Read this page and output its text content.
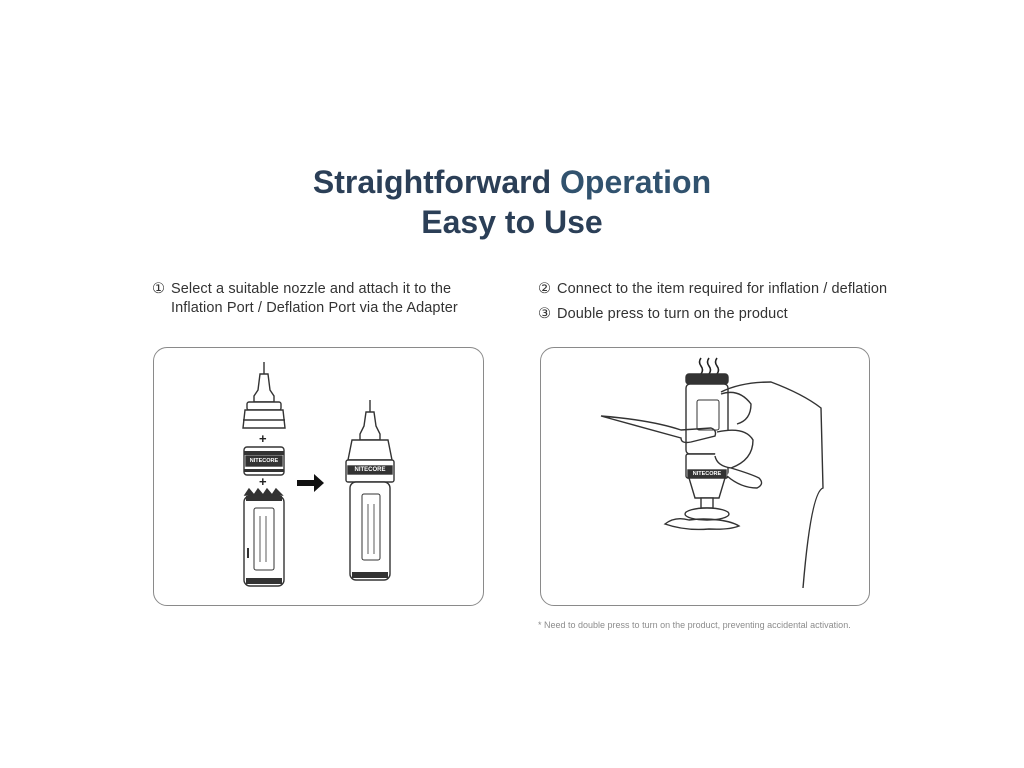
Straightforward Operation
Easy to Use
① Select a suitable nozzle and attach it to the
Inflation Port / Deflation Port via the Adapter
② Connect to the item required for inflation / deflation
③ Double press to turn on the product
+
+
NITECORE
NITECORE
NITECORE
* Need to double press to turn on the product, preventing accidental activation.
